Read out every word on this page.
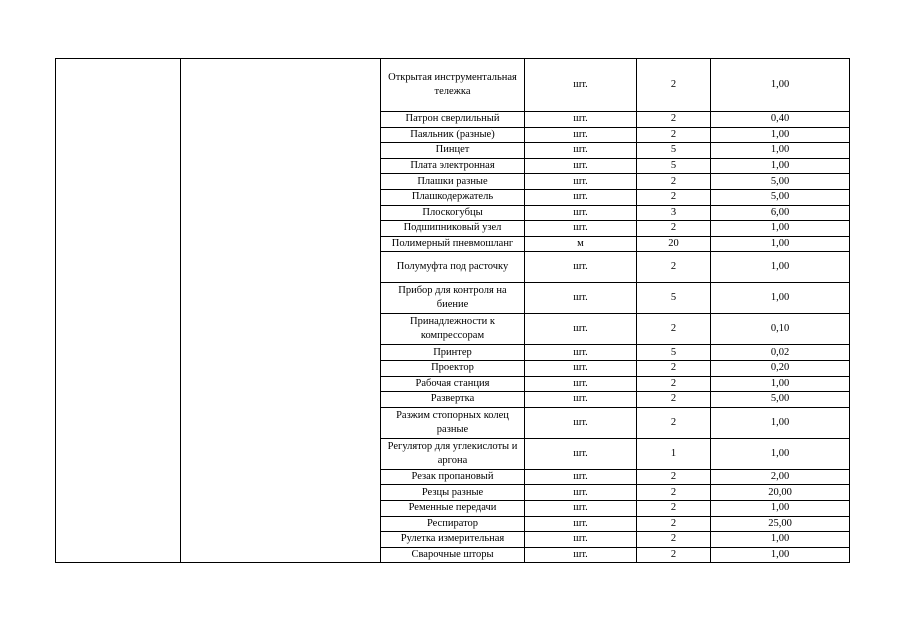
		Открытая инструментальная тележка	шт.	2	1,00
		Патрон сверлильный	шт.	2	0,40
		Паяльник (разные)	шт.	2	1,00
		Пинцет	шт.	5	1,00
		Плата электронная	шт.	5	1,00
		Плашки разные	шт.	2	5,00
		Плашкодержатель	шт.	2	5,00
		Плоскогубцы	шт.	3	6,00
		Подшипниковый узел	шт.	2	1,00
		Полимерный пневмошланг	м	20	1,00
		Полумуфта под расточку	шт.	2	1,00
		Прибор для контроля на биение	шт.	5	1,00
		Принадлежности к компрессорам	шт.	2	0,10
		Принтер	шт.	5	0,02
		Проектор	шт.	2	0,20
		Рабочая станция	шт.	2	1,00
		Развертка	шт.	2	5,00
		Разжим стопорных колец разные	шт.	2	1,00
		Регулятор для углекислоты и аргона	шт.	1	1,00
		Резак пропановый	шт.	2	2,00
		Резцы разные	шт.	2	20,00
		Ременные передачи	шт.	2	1,00
		Респиратор	шт.	2	25,00
		Рулетка измерительная	шт.	2	1,00
		Сварочные шторы	шт.	2	1,00
